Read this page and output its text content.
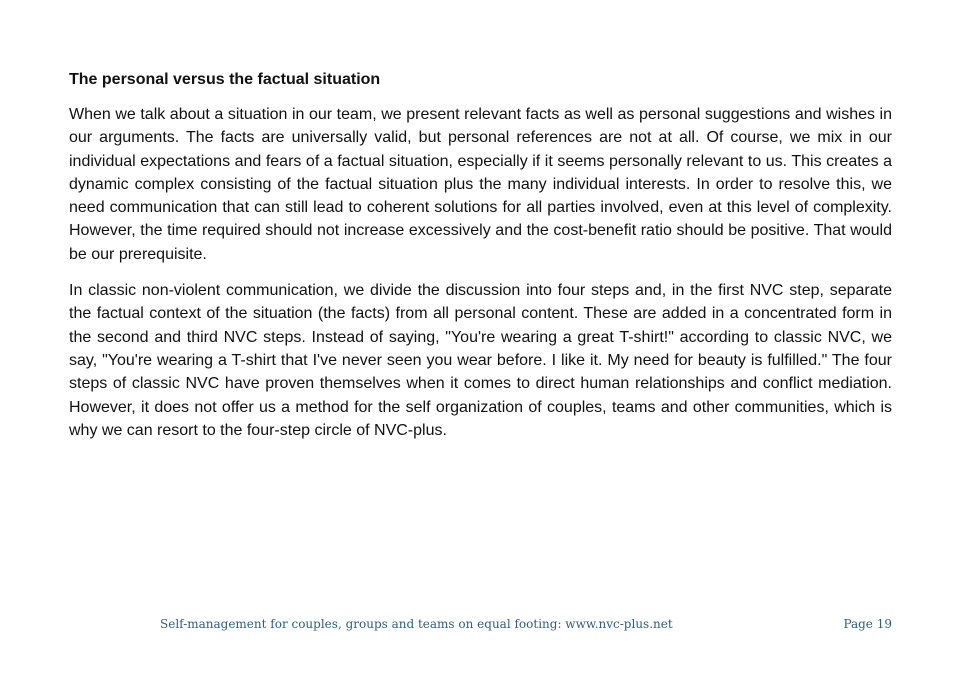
The personal versus the factual situation

When we talk about a situation in our team, we present relevant facts as well as personal suggestions and wishes in our arguments. The facts are universally valid, but personal references are not at all. Of course, we mix in our individual expectations and fears of a factual situation, especially if it seems personally relevant to us. This creates a dynamic complex consisting of the factual situation plus the many individual interests. In order to resolve this, we need communication that can still lead to coherent solutions for all parties involved, even at this level of complexity. However, the time required should not increase excessively and the cost-benefit ratio should be positive. That would be our prerequisite.

In classic non-violent communication, we divide the discussion into four steps and, in the first NVC step, separate the factual context of the situation (the facts) from all personal content. These are added in a concentrated form in the second and third NVC steps. Instead of saying, "You're wearing a great T-shirt!" according to classic NVC, we say, "You're wearing a T-shirt that I've never seen you wear before. I like it. My need for beauty is fulfilled." The four steps of classic NVC have proven themselves when it comes to direct human relationships and conflict mediation. However, it does not offer us a method for the self organization of couples, teams and other communities, which is why we can resort to the four-step circle of NVC-plus.

Self-management for couples, groups and teams on equal footing: www.nvc-plus.net	Page 19
